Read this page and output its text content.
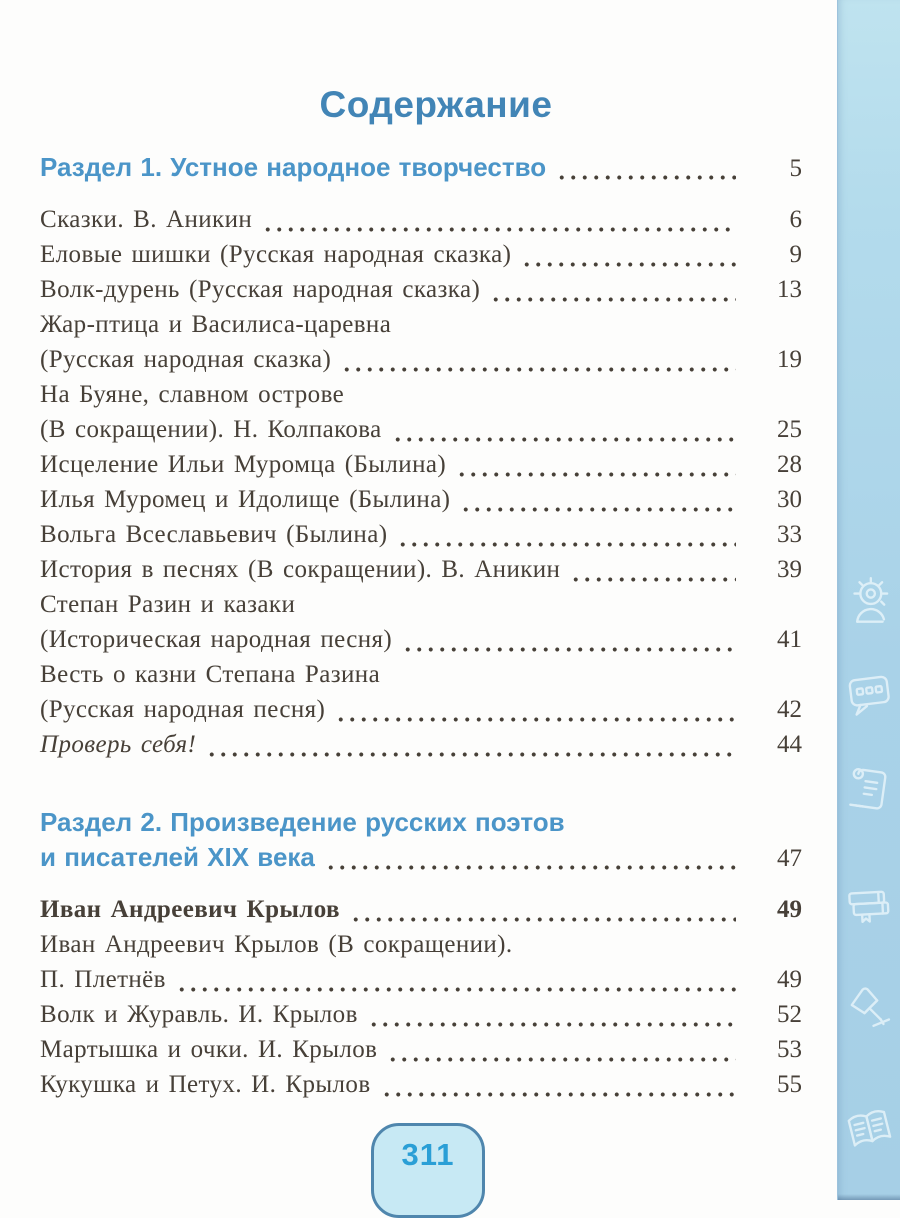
Содержание
Раздел 1. Устное народное творчество	5
Сказки. В. Аникин	6
Еловые шишки (Русская народная сказка)	9
Волк-дурень (Русская народная сказка)	13
Жар-птица и Василиса-царевна
(Русская народная сказка)	19
На Буяне, славном острове
(В сокращении). Н. Колпакова	25
Исцеление Ильи Муромца (Былина)	28
Илья Муромец и Идолище (Былина)	30
Вольга Всеславьевич (Былина)	33
История в песнях (В сокращении). В. Аникин	39
Степан Разин и казаки
(Историческая народная песня)	41
Весть о казни Степана Разина
(Русская народная песня)	42
Проверь себя!	44
Раздел 2. Произведение русских поэтов
и писателей XIX века	47
Иван Андреевич Крылов	49
Иван Андреевич Крылов (В сокращении).
П. Плетнёв	49
Волк и Журавль. И. Крылов	52
Мартышка и очки. И. Крылов	53
Кукушка и Петух. И. Крылов	55
311
